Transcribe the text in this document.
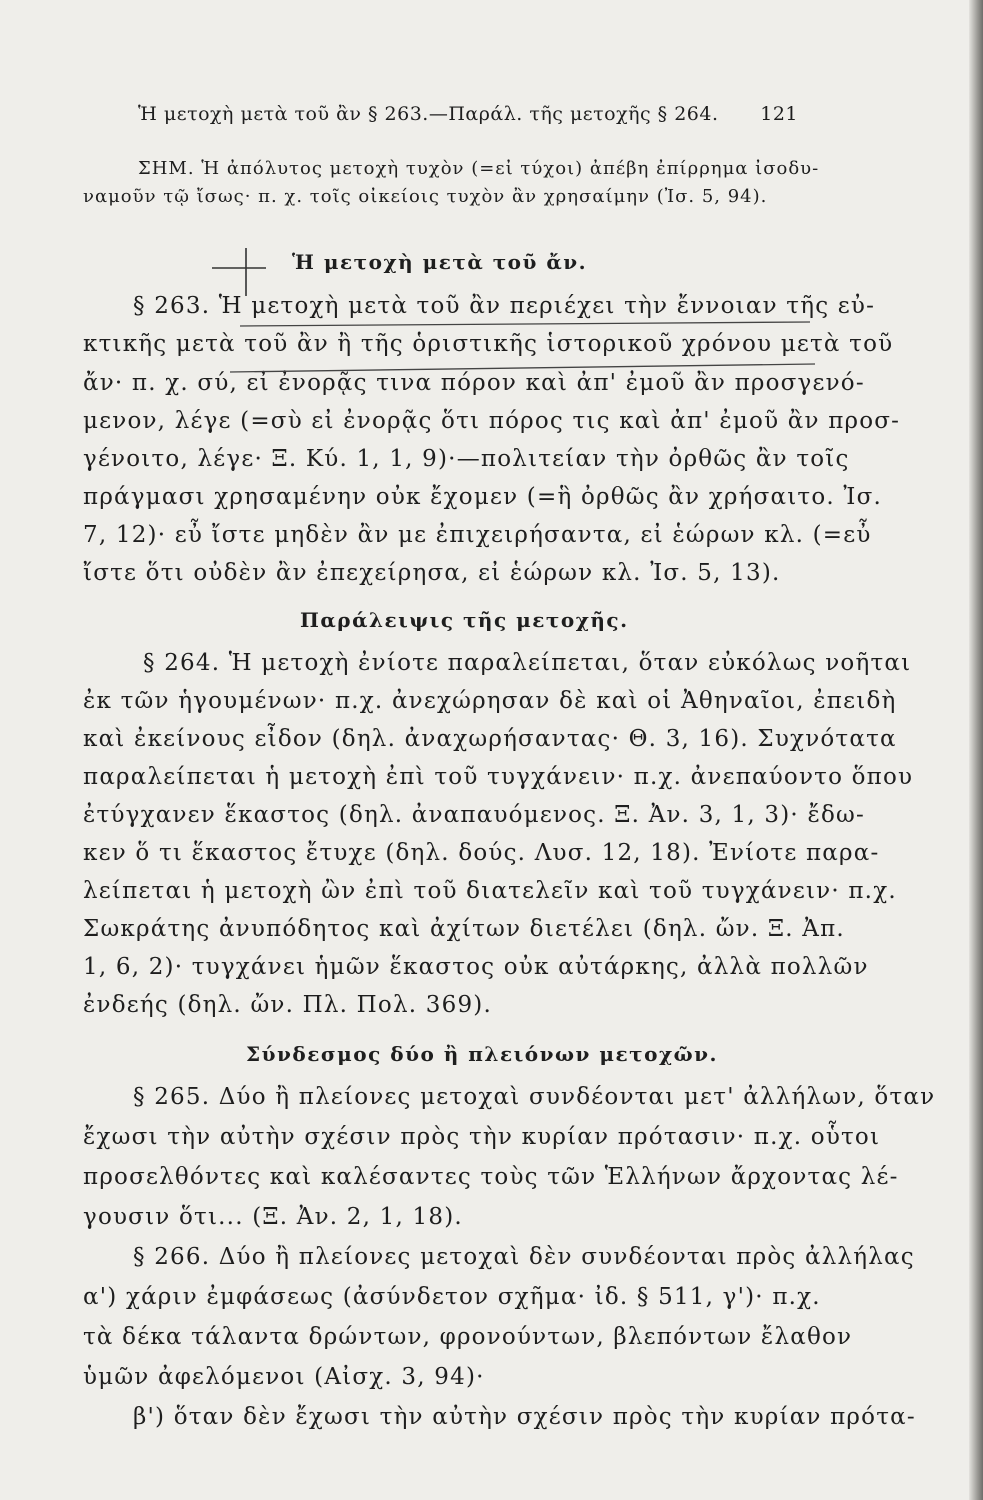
Ἡ μετοχὴ μετὰ τοῦ ἂν § 263.—Παράλ. τῆς μετοχῆς § 264. 121
ΣΗΜ. Ἡ ἀπόλυτος μετοχὴ τυχὸν (=εἰ τύχοι) ἀπέβη ἐπίρρημα ἰσοδυ-
ναμοῦν τῷ ἴσως· π. χ. τοῖς οἰκείοις τυχὸν ἂν χρησαίμην (Ἰσ. 5, 94).
Ἡ μετοχὴ μετὰ τοῦ ἄν.
§ 263. Ἡ μετοχὴ μετὰ τοῦ ἂν περιέχει τὴν ἔννοιαν τῆς εὐ-
κτικῆς μετὰ τοῦ ἂν ἢ τῆς ὁριστικῆς ἱστορικοῦ χρόνου μετὰ τοῦ
ἄν· π. χ. σύ, εἰ ἐνορᾷς τινα πόρον καὶ ἀπ' ἐμοῦ ἂν προσγενό-
μενον, λέγε (=σὺ εἰ ἐνορᾷς ὅτι πόρος τις καὶ ἀπ' ἐμοῦ ἂν προσ-
γένοιτο, λέγε· Ξ. Κύ. 1, 1, 9)·—πολιτείαν τὴν ὀρθῶς ἂν τοῖς
πράγμασι χρησαμένην οὐκ ἔχομεν (=ἣ ὀρθῶς ἂν χρήσαιτο. Ἰσ.
7, 12)· εὖ ἴστε μηδὲν ἂν με ἐπιχειρήσαντα, εἰ ἑώρων κλ. (=εὖ
ἴστε ὅτι οὐδὲν ἂν ἐπεχείρησα, εἰ ἑώρων κλ. Ἰσ. 5, 13).
Παράλειψις τῆς μετοχῆς.
§ 264. Ἡ μετοχὴ ἐνίοτε παραλείπεται, ὅταν εὐκόλως νοῆται
ἐκ τῶν ἡγουμένων· π.χ. ἀνεχώρησαν δὲ καὶ οἱ Ἀθηναῖοι, ἐπειδὴ
καὶ ἐκείνους εἶδον (δηλ. ἀναχωρήσαντας· Θ. 3, 16). Συχνότατα
παραλείπεται ἡ μετοχὴ ἐπὶ τοῦ τυγχάνειν· π.χ. ἀνεπαύοντο ὅπου
ἐτύγχανεν ἕκαστος (δηλ. ἀναπαυόμενος. Ξ. Ἀν. 3, 1, 3)· ἔδω-
κεν ὅ τι ἕκαστος ἔτυχε (δηλ. δούς. Λυσ. 12, 18). Ἐνίοτε παρα-
λείπεται ἡ μετοχὴ ὢν ἐπὶ τοῦ διατελεῖν καὶ τοῦ τυγχάνειν· π.χ.
Σωκράτης ἀνυπόδητος καὶ ἀχίτων διετέλει (δηλ. ὤν. Ξ. Ἀπ.
1, 6, 2)· τυγχάνει ἡμῶν ἕκαστος οὐκ αὐτάρκης, ἀλλὰ πολλῶν
ἐνδεής (δηλ. ὤν. Πλ. Πολ. 369).
Σύνδεσμος δύο ἢ πλειόνων μετοχῶν.
§ 265. Δύο ἢ πλείονες μετοχαὶ συνδέονται μετ' ἀλλήλων, ὅταν
ἔχωσι τὴν αὐτὴν σχέσιν πρὸς τὴν κυρίαν πρότασιν· π.χ. οὗτοι
προσελθόντες καὶ καλέσαντες τοὺς τῶν Ἑλλήνων ἄρχοντας λέ-
γουσιν ὅτι... (Ξ. Ἀν. 2, 1, 18).
§ 266. Δύο ἢ πλείονες μετοχαὶ δὲν συνδέονται πρὸς ἀλλήλας
α') χάριν ἐμφάσεως (ἀσύνδετον σχῆμα· ἰδ. § 511, γ')· π.χ.
τὰ δέκα τάλαντα δρώντων, φρονούντων, βλεπόντων ἔλαθον
ὑμῶν ἀφελόμενοι (Αἰσχ. 3, 94)·
β') ὅταν δὲν ἔχωσι τὴν αὐτὴν σχέσιν πρὸς τὴν κυρίαν πρότα-
